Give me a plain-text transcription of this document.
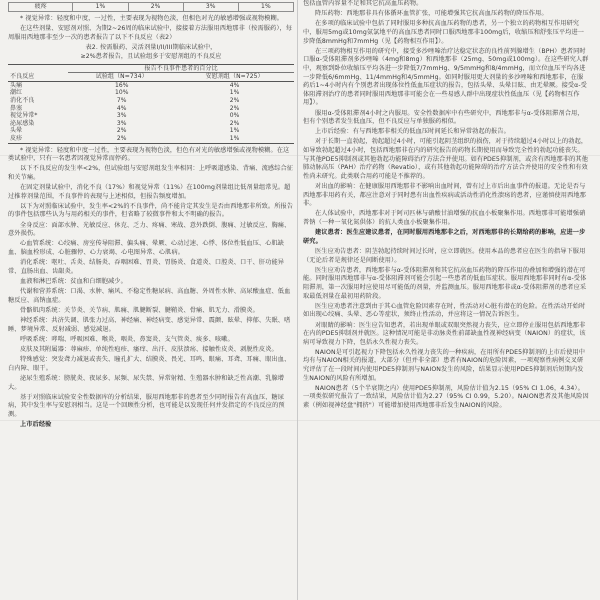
疲疼	1%	2%	3%	1%

* 视觉异常：轻度和中度，一过性，主要表现为视物色淡，但相色对光的敏感增强或视物模糊。

在这些剂量、安慰剂对照、为期2~26周的临床试验中，接接着方法服用西地那非（按需服药），每周服用西地那非至少一次的患者报告了以下不良反应（表2）

表2. 按需服药、灵活剂量I/II/III期临床试验中，
≥2%患者报告，且试验组多于安慰剂组的不良反应
	报告不良事件患者的百分比	
不良反应	试验组（N=734）	安慰剂组（N=725）
头痛	16%	4%
潮红	10%	1%
消化不良	7%	2%
鼻塞	4%	2%
视觉异常*	3%	0%
泌尿感染	3%	2%
头晕	2%	1%
皮疹	2%	1%

* 视觉异常：轻度和中度一过性，主要表现为视物色淡，但色有对光的敏感增强或视物模糊。在这类试验中，只有一名患者因视觉异常而停药。

以下不良反应的发生率<2%，但试验组与安慰剂组发生率相同：上呼吸道感染、背痛、流感综合征和关节痛。

在固定剂量试验中，消化不良（17%）和视觉异常（11%）在100mg剂量组比低剂量组常见。超过推荐剂量范围，不良事件的表现与上述相似，但报告频度增加。

以下为对照临床试验中，发生率<2%的不良事件，尚不能肯定其发生是否由西地那非所致。所报告的事件包括那些认为与用药相关的事件，但省略了较微事件和太不明确的报告。

全身反应：面部水肿、光敏反应、休克、乏力、疼痛、寒战、意外跌倒、腹痛、过敏反应、胸痛、意外损伤。

心血管系统：心绞痛、房室传导阻滞、偏头痛、晕厥、心动过速、心悸、体位性低血压、心肌缺血、脑血栓形成、心脏骤停、心力衰竭、心电图异常、心肌病。

消化系统：呕吐、舌炎、结肠炎、吞咽困难、胃炎、胃肠炎、食道炎、口腔炎、口干、肝功能异常、直肠出血、齿龈炎。

血液和淋巴系统：贫血和白细胞减少。

代谢和营养系统：口渴、水肿、痛风、不稳定性糖尿病、高血糖、外周性水肿、高尿酸血症、低血糖反应、高钠血症。

骨骼肌肉系统：关节炎、关节病、肌痛、肌腱断裂、腱鞘炎、骨痛、肌无力、滑膜炎。

神经系统：共济失调、肌张力过高、神经痛、神经病变、感觉异常、震颤、眩晕、抑郁、失眠、嗜睡、梦境异常、反射减弱、感觉减退。

呼吸系统：哮喘、呼吸困难、喉炎、咽炎、鼻窦炎、支气管炎、痰多、咳嗽。

皮肤及其附属器：荨麻疹、单纯性疱疹、瘙痒、出汗、皮肤溃疡、接触性皮炎、剥脱性皮炎。

特殊感觉：突发聋力减退或丧失、瞳孔扩大、结膜炎、畏光、耳鸣、眼痛、耳聋、耳痛、眼出血、白内障、眼干。

泌尿生殖系统：膀胱炎、夜尿多、尿频、尿失禁、异常射精、生殖器水肿和缺乏性高潮、乳腺增大。

基于对照临床试验安全性数据库的分析结果，服用西地那非的患者至少同时报告有高血压、糖尿病，其中发生率与安慰剂相当。这是一个回顾性分析，也可能是以发现任何并发指定的不良反应的预测。

上市后经验

包括血管内容量不足和其它抗高血压药物。

降压药物：西地那非具有体循环血管扩张，可能增强其它抗高血压药物的降压作用。

在多项的临床试验中包括了同时服用多种抗高血压药物的患者，另一个独立的药物相互作用研究中，服用5mg或10mg氨氯地平的高血压患者同时口服西地那非100mg后，收缩压和舒张压平均进一步降低8mmHg和7mmHg（见【药物相互作用】）。

在三项药物相互作用的研究中，接受多沙唑嗪治疗达稳定状态的良性前列腺增生（BPH）患者同时口服α-受体阻滞剂多沙唑嗪（4mg和8mg）和西地那非（25mg、50mg或100mg）。在这些研究人群中，观察到卧位收缩压平均各进一步降低7/7mmHg、9/5mmHg和8/4mmHg，而立位血压平均各进一步降低6/6mmHg、11/4mmHg和4/5mmHg。如同时服用更大剂量的多沙唑嗪和西地那非，在服药后1~4小时内有个别患者出现体位性低血压症状的报告，包括头晕、头晕目眩、由无晕厥。接受α-受体阻滞剂治疗的患者同时服用西地那非可能会在一些易感人群中出现症状性低血压（见【药物相互作用】）。

服用α-受体阻滞剂4小时之内服用。安全性数据库中有些研究中，西地那非与α-受体阻滞剂合用，但有个别患者发生低血压，但不良反应与单独服药相似。

上市后经验：有与西地那非相关的低血压时间延长和异常勃起的报告。

对于长期一直勃起，勃起超过4小时，可能引起阴茎组织的损伤，对于持续超过4小时以上的勃起，如导致勃起超过4小时，包括西地那非在内的研究报告的药物长期使用而导致完全性的勃起功能丧失。与其他PDE5抑制剂或其他勃起功能障碍治疗方法合并使用。如有PDE5抑制剂，或含有西地那非的其他肺动脉高压（PAH）治疗药物（Revatio），或有其他勃起功能障碍的治疗方法合并使用的安全性和有效性尚未研究。此类联合用药可能是不推荐的。

对出血的影响：在健康服用西地那非不影响出血时间，曾有过上市后出血事件的报道。无论是否与西地那非用药有关，都应注意对于同时患有出血性疾病或活动性消化性溃疡的患者，应谨慎使用西地那非。

在人体试验中，西地那非对于阿司匹林与硝酸甘油增强的抗血小板聚集作用。西地那非可能增强硝普钠（一种一氧化氮供体）的抗人类血小板聚集作用。

建议患者：医生应建议患者，在同时服用西地那非之后，对西地那非的长期给药的影响，应进一步研究。

医生应劝告患者：阴茎勃起持续时间过长时，应立即就医。使用本品的患者应在医生的指导下服用（无论后者是规律还是间断使用）。

医生应劝告患者，西地那非与α-受体阻滞剂和其它抗高血压药物的降压作用的叠加和增强的潜在可能。同时服用西地那非与α-受体阻滞剂可能会引起一些患者的低血压症状。服用西地那非同时有α-受体阻滞剂，第一次服用时应使用尽可能低的剂量，并监测血压。服用西地那非或α-受体阻滞剂的患者应采取最低剂量在最初用药阶段。

医生应劝患者注意到由于其心血管危险因素存在时，性活动对心脏有潜在的危险。在性活动开始时如出现心绞痛、头晕、恶心等症状，须终止性活动，并应将这一情况告诉医生。

对眼睛的影响：医生应告知患者，若出现单眼或双眼突然视力丧失，应立即停止服用包括西地那非在内的PDE5抑制剂并就医。这种情况可能是非动脉炎性前部缺血性视神经病变（NAION）的症状，该病可导致视力下降，包括永久性视力丧失。

NAION是可引起视力下降包括永久性视力丧失的一种疾病，在用所有PDE5抑制剂的上市后使用中均有与NAION相关的报道，大部分（但并非全部）患者有NAION的危险因素，一项观察性病例交叉研究评估了在一段时间内使用PDE5抑制剂与NAION发生的风险，结果显示使用PDE5抑制剂后短期内发生NAION的风险有所增加。

NAION患者（5个半衰期之内）使用PDE5抑制剂，风险估计值为2.15（95% CI 1.06，4.34）。一项类似研究报告了一致结果，风险估计值为2.27（95% CI 0.99，5.20）。NAION患者及其他风险因素（例如视神经盘"拥挤"）可能增加使用西地那非后发生NAION的风险。
